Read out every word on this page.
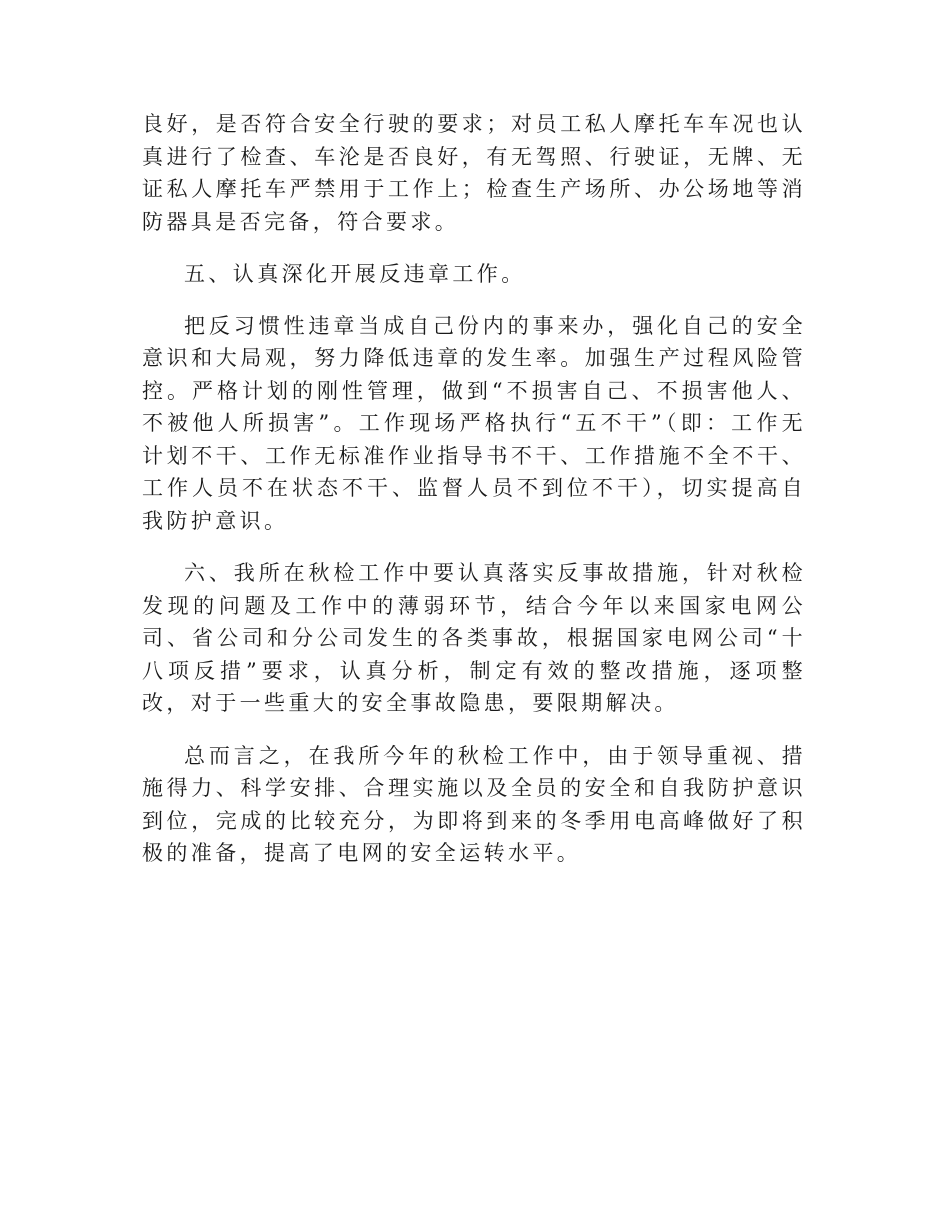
良好，是否符合安全行驶的要求；对员工私人摩托车车况也认真进行了检查、车沦是否良好，有无驾照、行驶证，无牌、无证私人摩托车严禁用于工作上；检查生产场所、办公场地等消防器具是否完备，符合要求。

五、认真深化开展反违章工作。

把反习惯性违章当成自己份内的事来办，强化自己的安全意识和大局观，努力降低违章的发生率。加强生产过程风险管控。严格计划的刚性管理，做到“不损害自己、不损害他人、不被他人所损害”。工作现场严格执行“五不干”（即：工作无计划不干、工作无标准作业指导书不干、工作措施不全不干、工作人员不在状态不干、监督人员不到位不干），切实提高自我防护意识。

六、我所在秋检工作中要认真落实反事故措施，针对秋检发现的问题及工作中的薄弱环节，结合今年以来国家电网公司、省公司和分公司发生的各类事故，根据国家电网公司“十八项反措”要求，认真分析，制定有效的整改措施，逐项整改，对于一些重大的安全事故隐患，要限期解决。

总而言之，在我所今年的秋检工作中，由于领导重视、措施得力、科学安排、合理实施以及全员的安全和自我防护意识到位，完成的比较充分，为即将到来的冬季用电高峰做好了积极的准备，提高了电网的安全运转水平。
